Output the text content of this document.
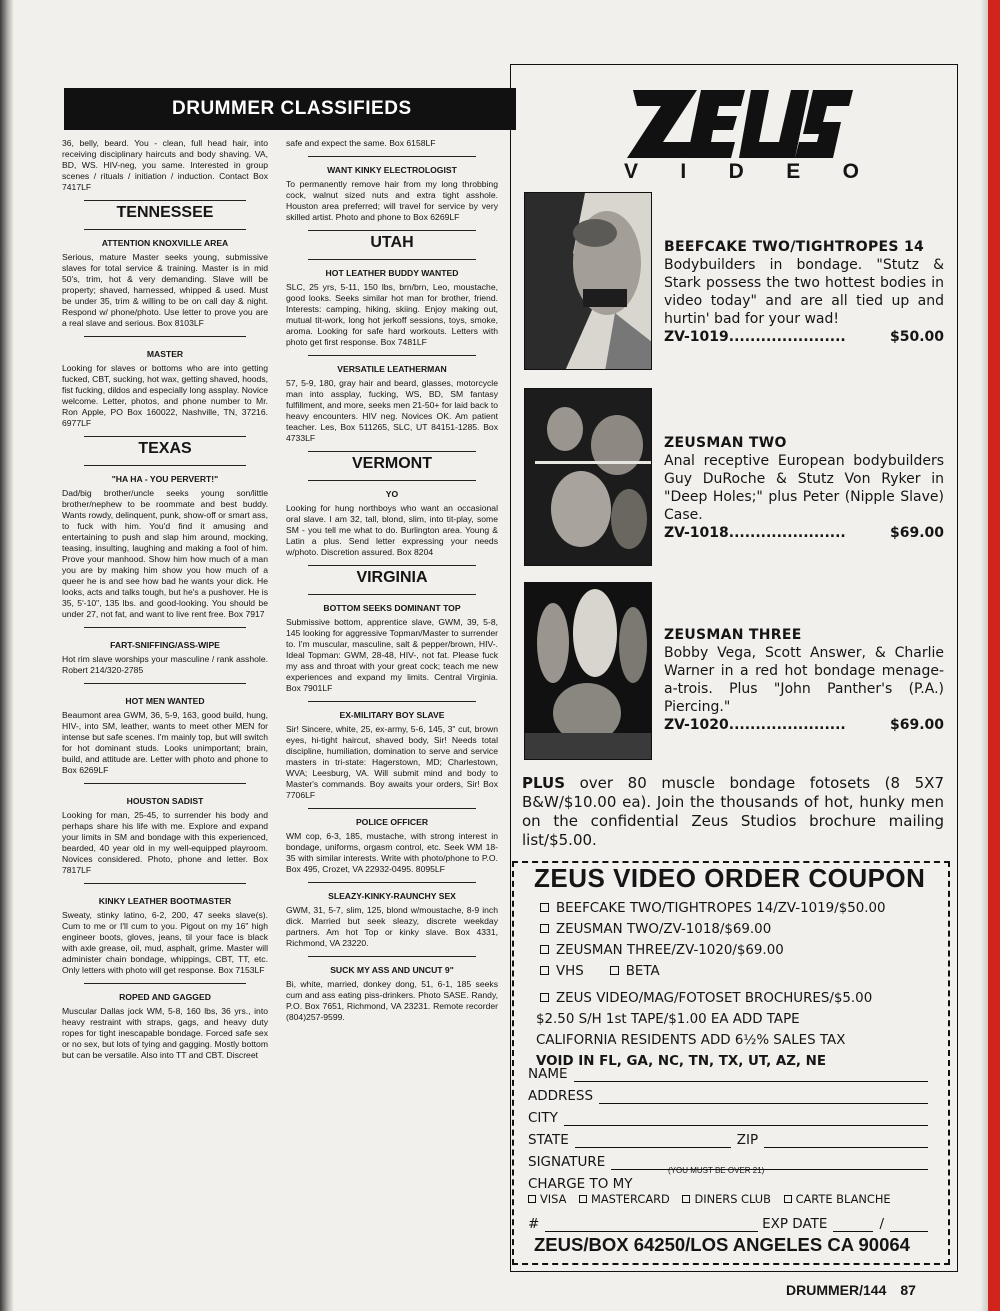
DRUMMER CLASSIFIEDS

36, belly, beard. You - clean, full head hair, into receiving disciplinary haircuts and body shaving. VA, BD, WS. HIV-neg, you same. Interested in group scenes / rituals / initiation / induction. Contact Box 7417LF

TENNESSEE
ATTENTION KNOXVILLE AREA

Serious, mature Master seeks young, submissive slaves for total service & training. Master is in mid 50's, trim, hot & very demanding. Slave will be property; shaved, harnessed, whipped & used. Must be under 35, trim & willing to be on call day & night. Respond w/ phone/photo. Use letter to prove you are a real slave and serious. Box 8103LF

MASTER

Looking for slaves or bottoms who are into getting fucked, CBT, sucking, hot wax, getting shaved, hoods, fist fucking, dildos and especially long assplay. Novice welcome. Letter, photos, and phone number to Mr. Ron Apple, PO Box 160022, Nashville, TN, 37216. 6977LF

TEXAS
"HA HA - YOU PERVERT!"

Dad/big brother/uncle seeks young son/little brother/nephew to be roommate and best buddy. Wants rowdy, delinquent, punk, show-off or smart ass, to fuck with him. You'd find it amusing and entertaining to push and slap him around, mocking, teasing, insulting, laughing and making a fool of him. Prove your manhood. Show him how much of a man you are by making him show you how much of a queer he is and see how bad he wants your dick. He looks, acts and talks tough, but he's a pushover. He is 35, 5'-10", 135 lbs. and good-looking. You should be under 27, not fat, and want to live rent free. Box 7917

FART-SNIFFING/ASS-WIPE

Hot rim slave worships your masculine / rank asshole. Robert 214/320-2785

HOT MEN WANTED

Beaumont area GWM, 36, 5-9, 163, good build, hung, HIV-, into SM, leather, wants to meet other MEN for intense but safe scenes. I'm mainly top, but will switch for hot dominant studs. Looks unimportant; brain, build, and attitude are. Letter with photo and phone to Box 6269LF

HOUSTON SADIST

Looking for man, 25-45, to surrender his body and perhaps share his life with me. Explore and expand your limits in SM and bondage with this experienced, bearded, 40 year old in my well-equipped playroom. Novices considered. Photo, phone and letter. Box 7817LF

KINKY LEATHER BOOTMASTER

Sweaty, stinky latino, 6-2, 200, 47 seeks slave(s). Cum to me or I'll cum to you. Pigout on my 16" high engineer boots, gloves, jeans, til your face is black with axle grease, oil, mud, asphalt, grime. Master will administer chain bondage, whippings, CBT, TT, etc. Only letters with photo will get response. Box 7153LF

ROPED AND GAGGED

Muscular Dallas jock WM, 5-8, 160 lbs, 36 yrs., into heavy restraint with straps, gags, and heavy duty ropes for tight inescapable bondage. Forced safe sex or no sex, but lots of tying and gagging. Mostly bottom but can be versatile. Also into TT and CBT. Discreet

safe and expect the same. Box 6158LF

WANT KINKY ELECTROLOGIST

To permanently remove hair from my long throbbing cock, walnut sized nuts and extra tight asshole. Houston area preferred; will travel for service by very skilled artist. Photo and phone to Box 6269LF

UTAH
HOT LEATHER BUDDY WANTED

SLC, 25 yrs, 5-11, 150 lbs, brn/brn, Leo, moustache, good looks. Seeks similar hot man for brother, friend. Interests: camping, hiking, skiing. Enjoy making out, mutual tit-work, long hot jerkoff sessions, toys, smoke, aroma. Looking for safe hard workouts. Letters with photo get first response. Box 7481LF

VERSATILE LEATHERMAN

57, 5-9, 180, gray hair and beard, glasses, motorcycle man into assplay, fucking, WS, BD, SM fantasy fulfillment, and more, seeks men 21-50+ for laid back to heavy encounters. HIV neg. Novices OK. Am patient teacher. Les, Box 511265, SLC, UT 84151-1285. Box 4733LF

VERMONT
YO

Looking for hung northboys who want an occasional oral slave. I am 32, tall, blond, slim, into tit-play, some SM - you tell me what to do. Burlington area. Young & Latin a plus. Send letter expressing your needs w/photo. Discretion assured. Box 8204

VIRGINIA
BOTTOM SEEKS DOMINANT TOP

Submissive bottom, apprentice slave, GWM, 39, 5-8, 145 looking for aggressive Topman/Master to surrender to. I'm muscular, masculine, salt & pepper/brown, HIV-. Ideal Topman: GWM, 28-48, HIV-, not fat. Please fuck my ass and throat with your great cock; teach me new experiences and expand my limits. Central Virginia. Box 7901LF

EX-MILITARY BOY SLAVE

Sir! Sincere, white, 25, ex-army, 5-6, 145, 3" cut, brown eyes, hi-tight haircut, shaved body, Sir! Needs total discipline, humiliation, domination to serve and service masters in tri-state: Hagerstown, MD; Charlestown, WVA; Leesburg, VA. Will submit mind and body to Master's commands. Boy awaits your orders, Sir! Box 7706LF

POLICE OFFICER

WM cop, 6-3, 185, mustache, with strong interest in bondage, uniforms, orgasm control, etc. Seek WM 18-35 with similar interests. Write with photo/phone to P.O. Box 495, Crozet, VA 22932-0495. 8095LF

SLEAZY-KINKY-RAUNCHY SEX

GWM, 31, 5-7, slim, 125, blond w/moustache, 8-9 inch dick. Married but seek sleazy, discrete weekday partners. Am hot Top or kinky slave. Box 4331, Richmond, VA 23220.

SUCK MY ASS AND UNCUT 9"

Bi, white, married, donkey dong, 51, 6-1, 185 seeks cum and ass eating piss-drinkers. Photo SASE. Randy, P.O. Box 7651, Richmond, VA 23231. Remote recorder (804)257-9599.

V I D E O
BEEFCAKE TWO/TIGHTROPES 14
Bodybuilders in bondage. "Stutz & Stark possess the two hottest bodies in video today" and are all tied up and hurtin' bad for your wad!
ZV-1019 ......................	$50.00
ZEUSMAN TWO
Anal receptive European bodybuilders Guy DuRoche & Stutz Von Ryker in "Deep Holes;" plus Peter (Nipple Slave) Case.
ZV-1018 ......................	$69.00
ZEUSMAN THREE
Bobby Vega, Scott Answer, & Charlie Warner in a red hot bondage menage-a-trois. Plus "John Panther's (P.A.) Piercing."
ZV-1020 ......................	$69.00
PLUS over 80 muscle bondage fotosets (8 5X7 B&W/$10.00 ea). Join the thousands of hot, hunky men on the confidential Zeus Studios brochure mailing list/$5.00.
ZEUS VIDEO ORDER COUPON
BEEFCAKE TWO/TIGHTROPES 14/ZV-1019/$50.00
ZEUSMAN TWO/ZV-1018/$69.00
ZEUSMAN THREE/ZV-1020/$69.00
VHS	BETA
ZEUS VIDEO/MAG/FOTOSET BROCHURES/$5.00
$2.50 S/H 1st TAPE/$1.00 EA ADD TAPE
CALIFORNIA RESIDENTS ADD 6½% SALES TAX
VOID IN FL, GA, NC, TN, TX, UT, AZ, NE
NAME
ADDRESS
CITY
STATE	ZIP
SIGNATURE
CHARGE TO MY
(YOU MUST BE OVER 21)
VISA MASTERCARD DINERS CLUB CARTE BLANCHE
#	EXP DATE	/
ZEUS/BOX 64250/LOS ANGELES CA 90064
DRUMMER/144 87
